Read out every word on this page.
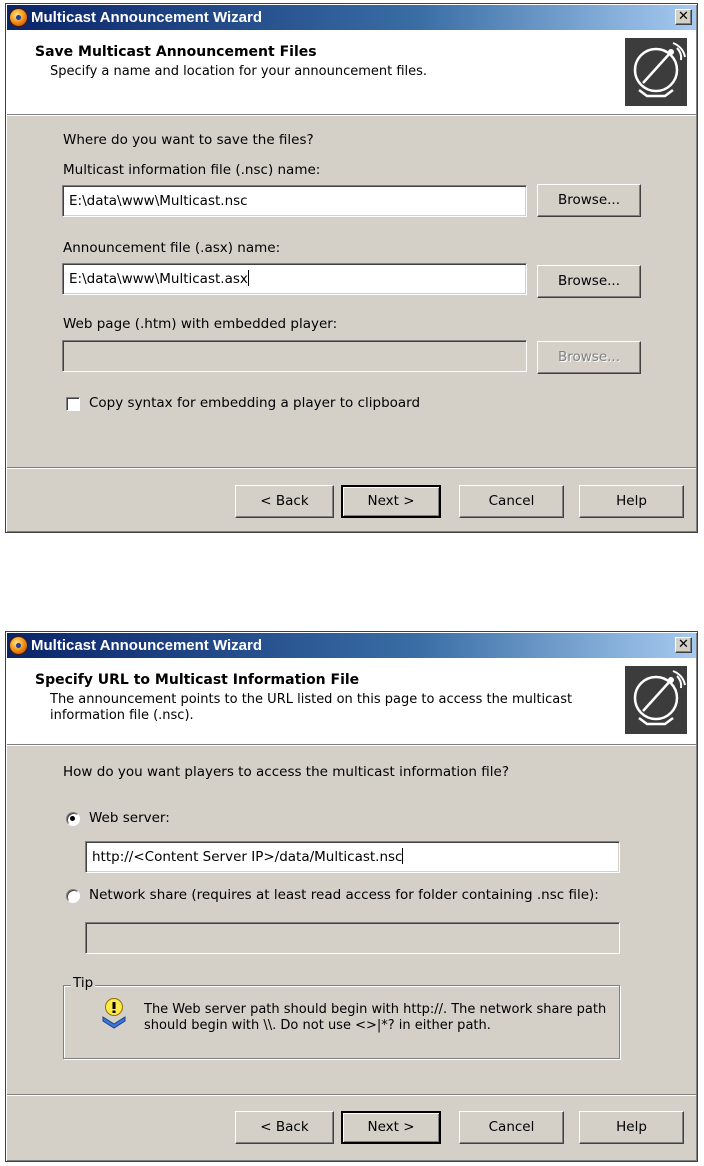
Multicast Announcement Wizard	✕
Save Multicast Announcement Files
Specify a name and location for your announcement files.
Where do you want to save the files?
Multicast information file (.nsc) name:
E:\data\www\Multicast.nsc	Browse...
Announcement file (.asx) name:
E:\data\www\Multicast.asx	Browse...
Web page (.htm) with embedded player:
Browse...
Copy syntax for embedding a player to clipboard
< Back	Next >	Cancel	Help
Multicast Announcement Wizard	✕
Specify URL to Multicast Information File
The announcement points to the URL listed on this page to access the multicast information file (.nsc).
How do you want players to access the multicast information file?
Web server:
http://<Content Server IP>/data/Multicast.nsc
Network share (requires at least read access for folder containing .nsc file):
Tip
The Web server path should begin with http://. The network share path should begin with \\. Do not use <>|*? in either path.
< Back	Next >	Cancel	Help
